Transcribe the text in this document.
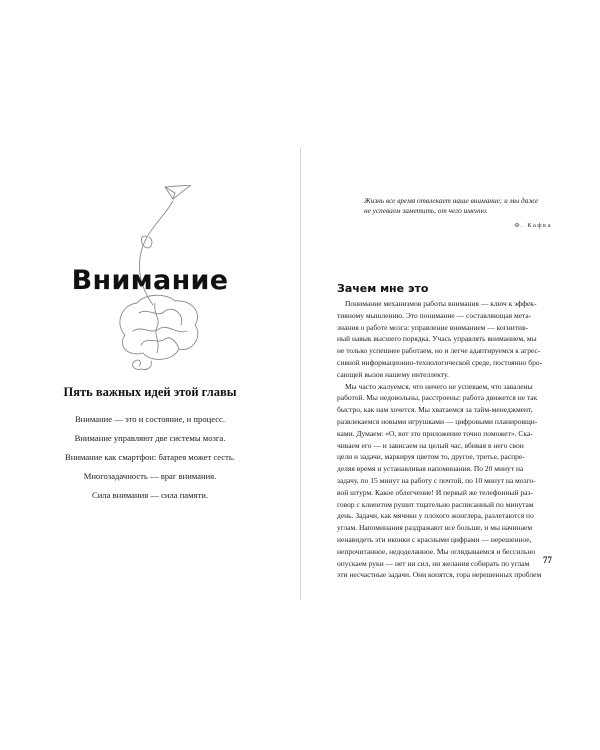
Внимание
Пять важных идей этой главы
Внимание — это и состояние, и процесс.
Внимание управляют две системы мозга.
Внимание как смартфон: батарея может сесть.
Многозадачность — враг внимания.
Сила внимания — сила памяти.
Жизнь все время отвлекает наше внимание; и мы даже
не успеваем заметить, от чего именно.
Ф. Кафка
Зачем мне это
Понимание механизмов работы внимания — ключ к эффек-
тивному мышлению. Это понимание — составляющая мета-
знания о работе мозга: управление вниманием — когнитив-
ный навык высшего порядка. Учась управлять вниманием, мы
не только успешнее работаем, но и легче адаптируемся к агрес-
сивной информационно-технологической среде, постоянно бро-
сающей вызов нашему интеллекту.
Мы часто жалуемся, что ничего не успеваем, что завалены
работой. Мы недовольны, расстроены: работа движется не так
быстро, как нам хочется. Мы хватаемся за тайм-менеджмент,
развлекаемся новыми игрушками — цифровыми планировщи-
ками. Думаем: «О, вот это приложение точно поможет». Ска-
чиваем его — и зависаем на целый час, вбивая в него свои
цели и задачи, маркируя цветом то, другое, третье, распре-
деляя время и устанавливая напоминания. По 20 минут на
задачу, по 15 минут на работу с почтой, по 10 минут на мозго-
вой штурм. Какое облегчение! И первый же телефонный раз-
говор с клиентом рушит тщательно расписанный по минутам
день. Задачи, как мячики у плохого жонглера, разлетаются по
углам. Напоминания раздражают все больше, и мы начинаем
ненавидеть эти иконки с красными цифрами — нерешенное,
непрочитанное, недоделанное. Мы оглядываемся и бессильно
опускаем руки — нет ни сил, ни желания собирать по углам
эти несчастные задачи. Они копятся, гора нерешенных проблем
77
